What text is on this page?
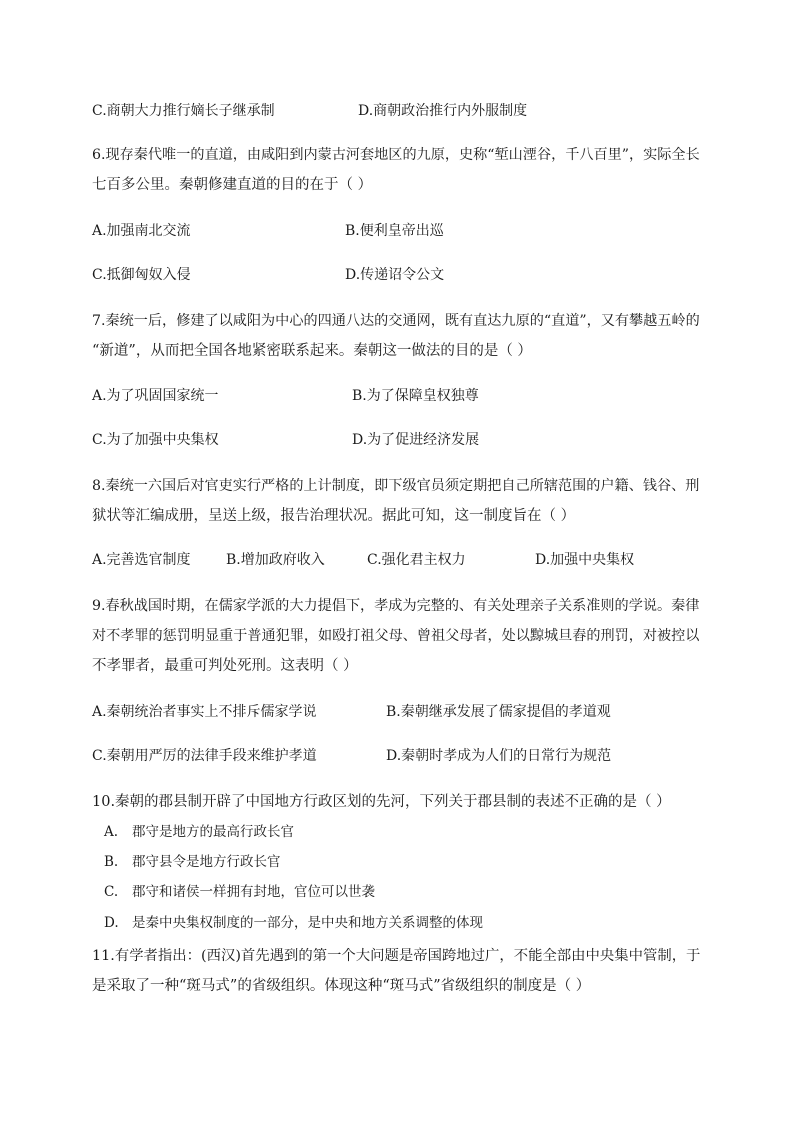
C.商朝大力推行嫡长子继承制	D.商朝政治推行内外服制度
6.现存秦代唯一的直道，由咸阳到内蒙古河套地区的九原，史称“堑山湮谷，千八百里”，实际全长
七百多公里。秦朝修建直道的目的在于（ ）
A.加强南北交流	B.便利皇帝出巡
C.抵御匈奴入侵	D.传递诏令公文
7.秦统一后，修建了以咸阳为中心的四通八达的交通网，既有直达九原的“直道”，又有攀越五岭的
“新道”，从而把全国各地紧密联系起来。秦朝这一做法的目的是（ ）
A.为了巩固国家统一	B.为了保障皇权独尊
C.为了加强中央集权	D.为了促进经济发展
8.秦统一六国后对官吏实行严格的上计制度，即下级官员须定期把自己所辖范围的户籍、钱谷、刑
狱状等汇编成册，呈送上级，报告治理状况。据此可知，这一制度旨在（ ）
A.完善选官制度	B.增加政府收入	C.强化君主权力	D.加强中央集权
9.春秋战国时期，在儒家学派的大力提倡下，孝成为完整的、有关处理亲子关系准则的学说。秦律
对不孝罪的惩罚明显重于普通犯罪，如殴打祖父母、曾祖父母者，处以黥城旦舂的刑罚，对被控以
不孝罪者，最重可判处死刑。这表明（ ）
A.秦朝统治者事实上不排斥儒家学说	B.秦朝继承发展了儒家提倡的孝道观
C.秦朝用严厉的法律手段来维护孝道	D.秦朝时孝成为人们的日常行为规范
10.秦朝的郡县制开辟了中国地方行政区划的先河，下列关于郡县制的表述不正确的是（ ）
A. 郡守是地方的最高行政长官
B. 郡守县令是地方行政长官
C. 郡守和诸侯一样拥有封地，官位可以世袭
D. 是秦中央集权制度的一部分，是中央和地方关系调整的体现
11.有学者指出：(西汉)首先遇到的第一个大问题是帝国跨地过广，不能全部由中央集中管制，于
是采取了一种“斑马式”的省级组织。体现这种“斑马式”省级组织的制度是（ ）
